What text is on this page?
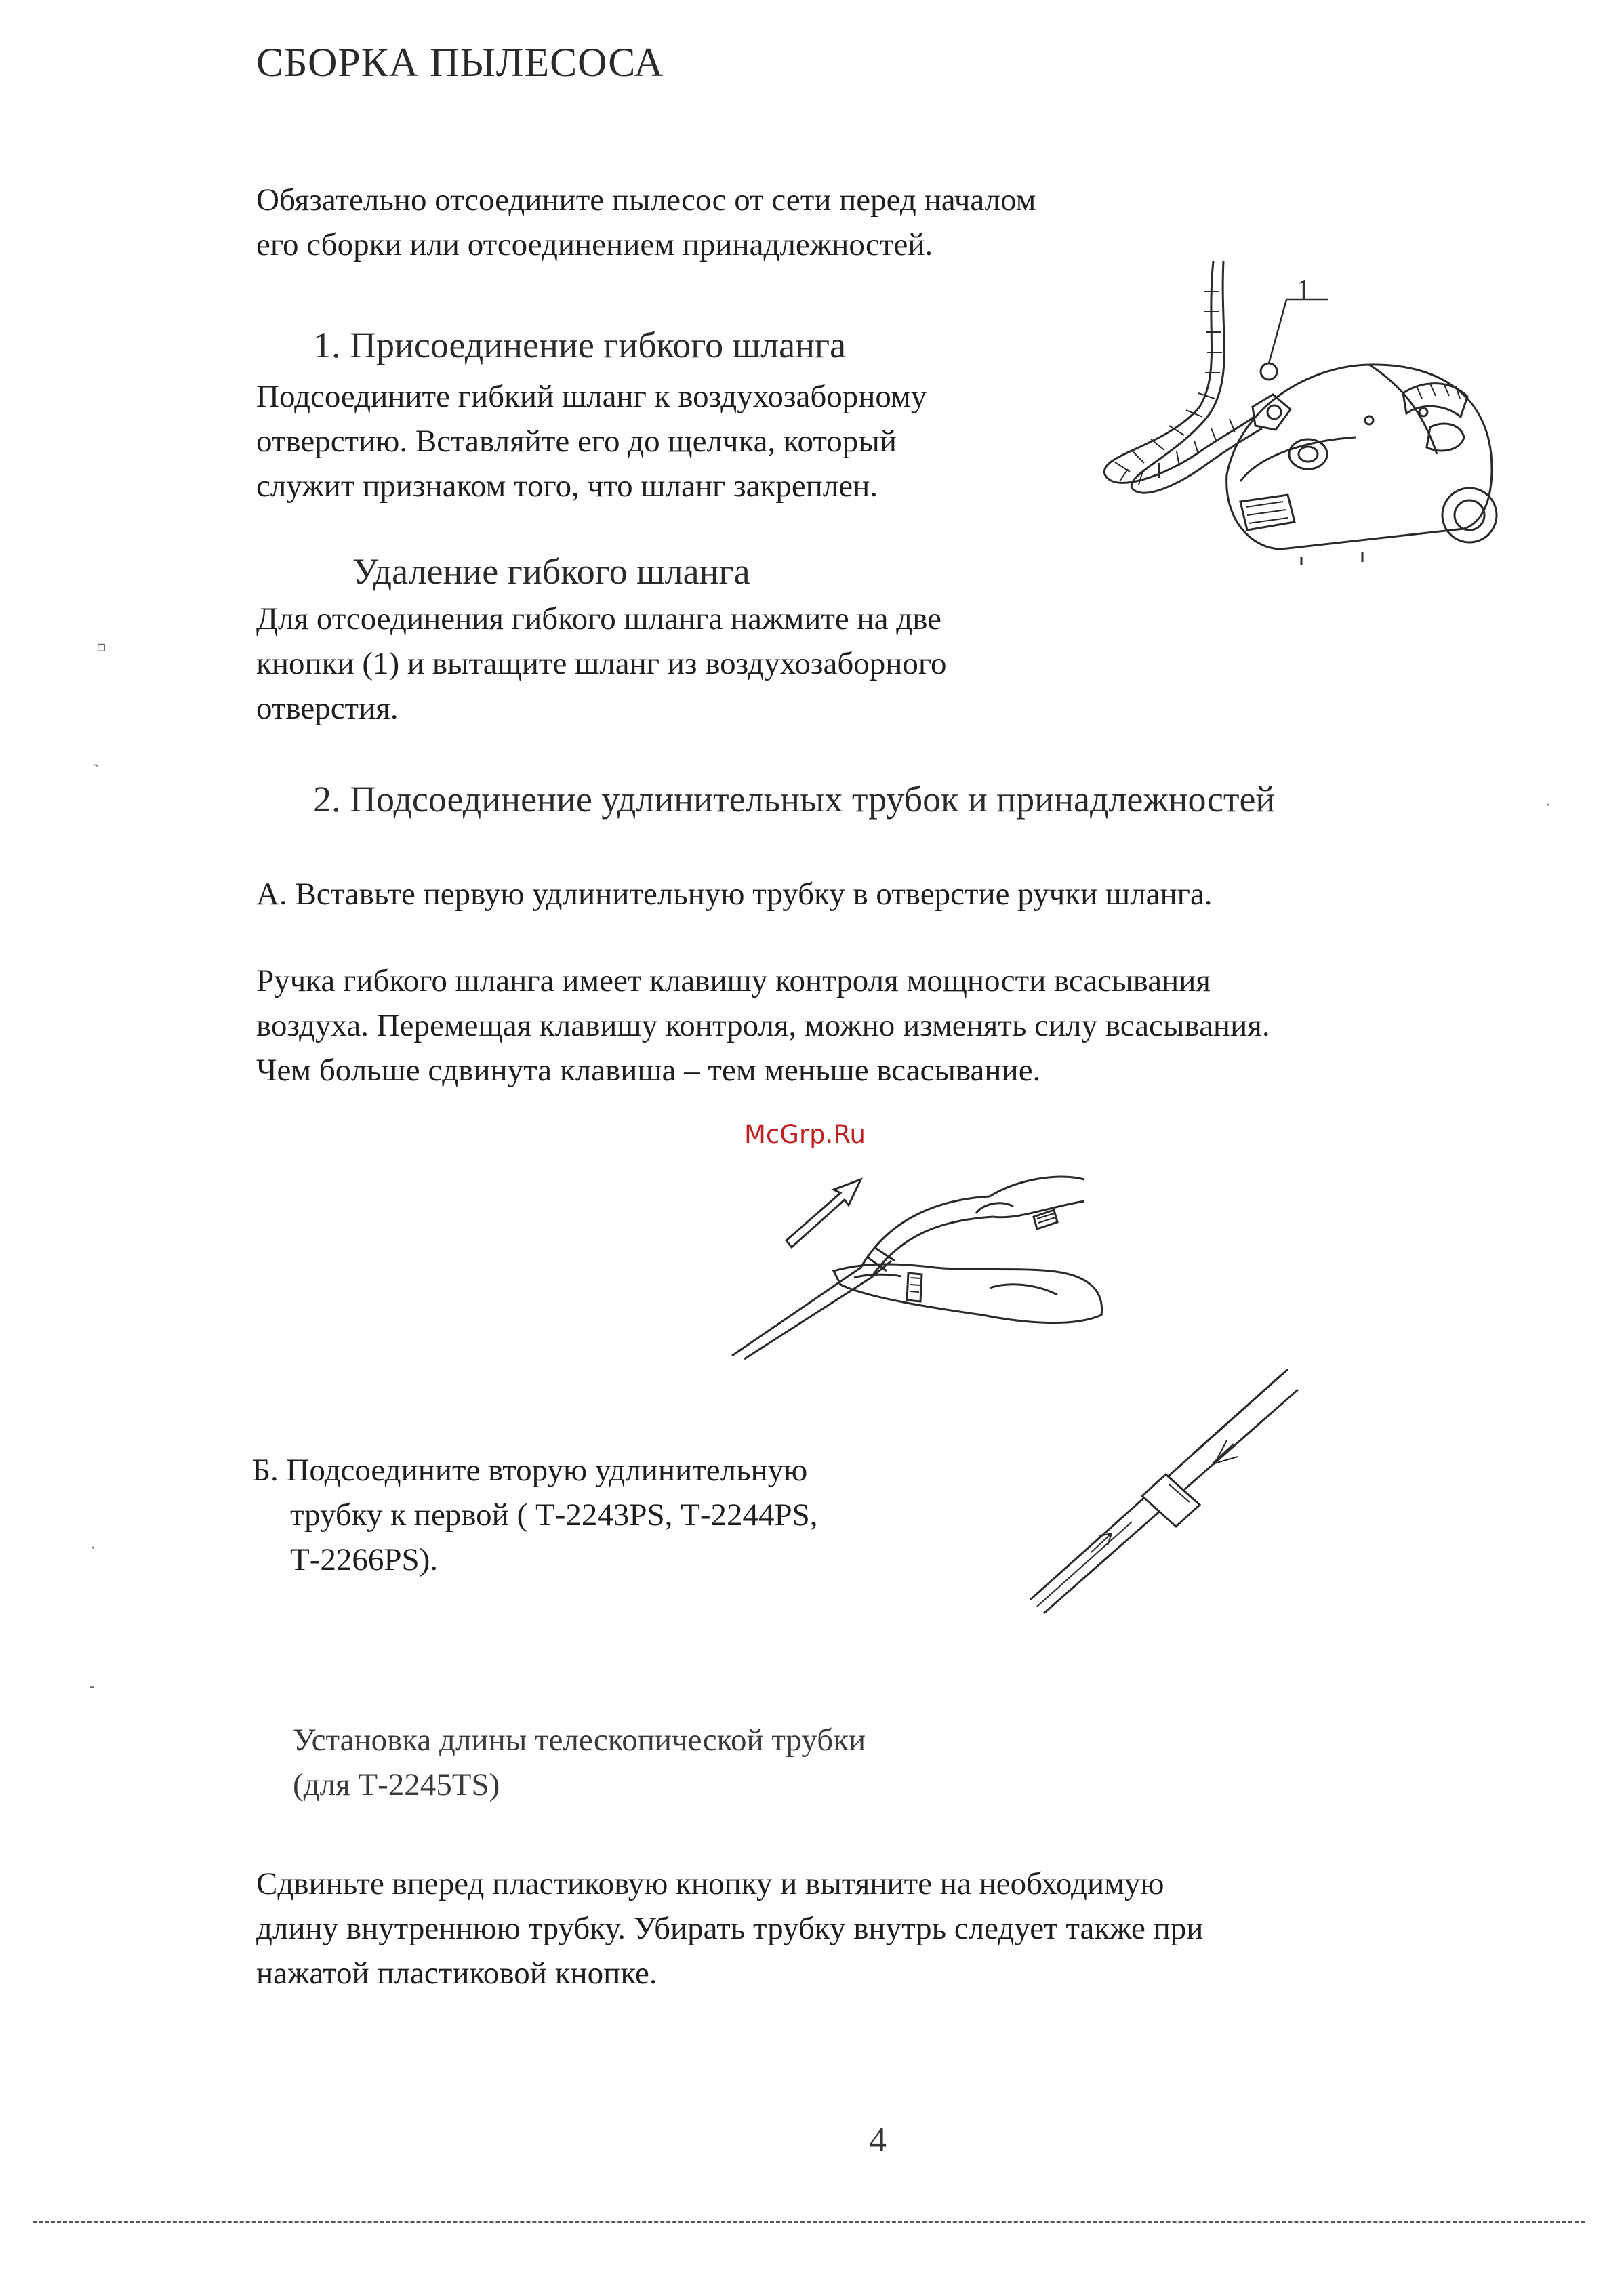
СБОРКА ПЫЛЕСОСА
Обязательно отсоедините пылесос от сети перед началом
его сборки или отсоединением принадлежностей.
1. Присоединение гибкого шланга
Подсоедините гибкий шланг к воздухозаборному
отверстию. Вставляйте его до щелчка, который
служит признаком того, что шланг закреплен.
1
Удаление гибкого шланга
Для отсоединения гибкого шланга нажмите на две
кнопки (1) и вытащите шланг из воздухозаборного
отверстия.
2. Подсоединение удлинительных трубок и принадлежностей
А. Вставьте первую удлинительную трубку в отверстие ручки шланга.
Ручка гибкого шланга имеет клавишу контроля мощности всасывания
воздуха. Перемещая клавишу контроля, можно изменять силу всасывания.
Чем больше сдвинута клавиша – тем меньше всасывание.
McGrp.Ru
Б. Подсоедините вторую удлинительную
трубку к первой ( Т-2243PS, Т-2244PS,
Т-2266PS).
Установка длины телескопической трубки
(для Т-2245TS)
Сдвиньте вперед пластиковую кнопку и вытяните на необходимую
длину внутреннюю трубку. Убирать трубку внутрь следует также при
нажатой пластиковой кнопке.
4
▫
˜
·
-
·
